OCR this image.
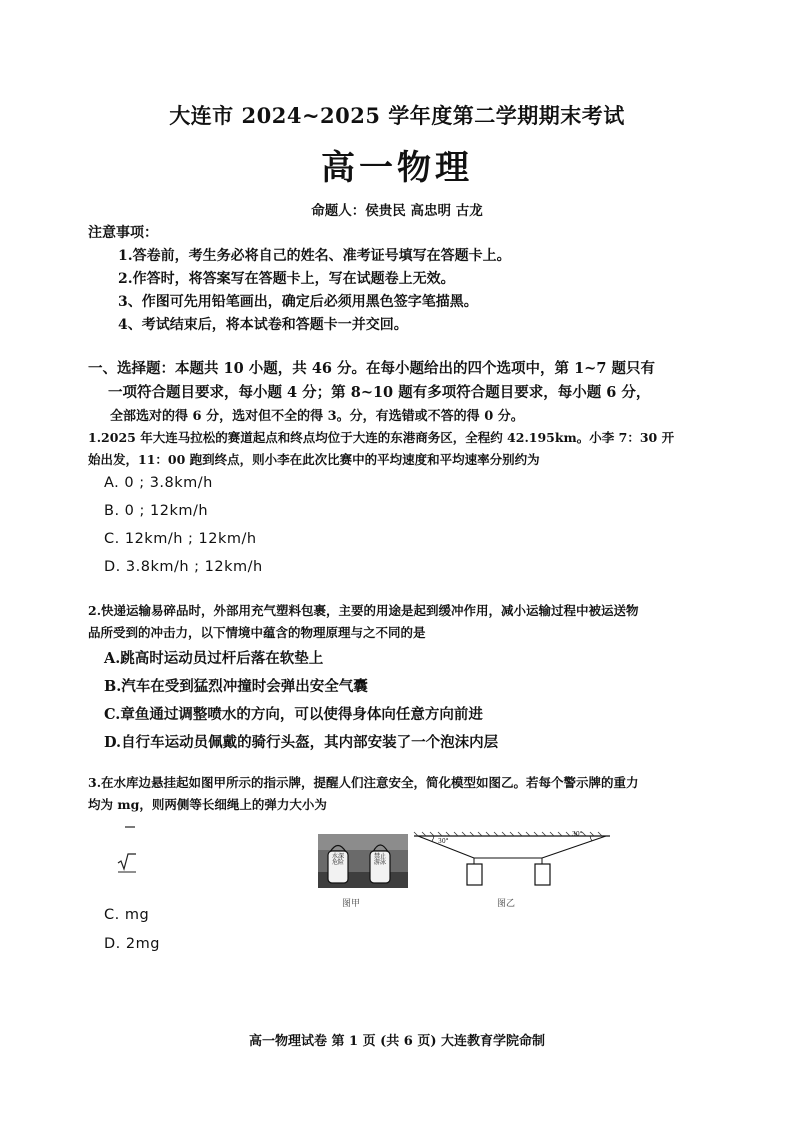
大连市 2024~2025 学年度第二学期期末考试
高一物理
命题人：侯贵民 高忠明 古龙
注意事项：
1.答卷前，考生务必将自己的姓名、准考证号填写在答题卡上。
2.作答时，将答案写在答题卡上，写在试题卷上无效。
3、作图可先用铅笔画出，确定后必须用黑色签字笔描黑。
4、考试结束后，将本试卷和答题卡一并交回。
一、选择题：本题共 10 小题，共 46 分。在每小题给出的四个选项中，第 1~7 题只有
一项符合题目要求，每小题 4 分；第 8~10 题有多项符合题目要求，每小题 6 分，
全部选对的得 6 分，选对但不全的得 3。分，有选错或不答的得 0 分。
1.2025 年大连马拉松的赛道起点和终点均位于大连的东港商务区，全程约 42.195km。小李 7：30 开
始出发，11：00 跑到终点，则小李在此次比赛中的平均速度和平均速率分别约为
A. 0 ; 3.8km/h
B. 0 ; 12km/h
C. 12km/h ; 12km/h
D. 3.8km/h ; 12km/h
2.快递运输易碎品时，外部用充气塑料包裹，主要的用途是起到缓冲作用，减小运输过程中被运送物
品所受到的冲击力，以下情境中蕴含的物理原理与之不同的是
A.跳高时运动员过杆后落在软垫上
B.汽车在受到猛烈冲撞时会弹出安全气囊
C.章鱼通过调整喷水的方向，可以使得身体向任意方向前进
D.自行车运动员佩戴的骑行头盔，其内部安装了一个泡沫内层
3.在水库边悬挂起如图甲所示的指示牌，提醒人们注意安全，简化模型如图乙。若每个警示牌的重力
均为 mg，则两侧等长细绳上的弹力大小为
水深危险
禁止游泳
图甲
30°
30°
图乙
C. mg
D. 2mg
高一物理试卷 第 1 页 (共 6 页) 大连教育学院命制
